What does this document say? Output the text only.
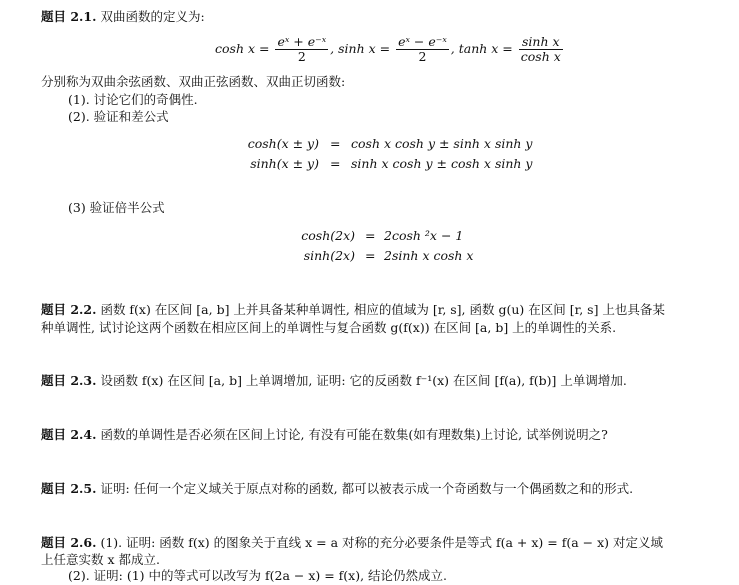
题目 2.1. 双曲函数的定义为:
$\cosh x = \frac{\text{eˣ + e⁻ˣ}}{2}$ , $\sinh x = \frac{\text{eˣ − e⁻ˣ}}{2}$ , $\tanh x = \frac{\text{sinh x}}{\text{cosh x}}$
分别称为双曲余弦函数、双曲正弦函数、双曲正切函数:
(1). 讨论它们的奇偶性.
(2). 验证和差公式
cosh(x ± y) = cosh x cosh y ± sinh x sinh y
sinh(x ± y) = sinh x cosh y ± cosh x sinh y
(3) 验证倍半公式
cosh(2x) = 2cosh ²x − 1
sinh(2x) = 2sinh x cosh x
题目 2.2. 函数 f(x) 在区间 [a, b] 上并具备某种单调性, 相应的值域为 [r, s], 函数 g(u) 在区间 [r, s] 上也具备某
种单调性, 试讨论这两个函数在相应区间上的单调性与复合函数 g(f(x)) 在区间 [a, b] 上的单调性的关系.
题目 2.3. 设函数 f(x) 在区间 [a, b] 上单调增加, 证明: 它的反函数 f⁻¹(x) 在区间 [f(a), f(b)] 上单调增加.
题目 2.4. 函数的单调性是否必须在区间上讨论, 有没有可能在数集(如有理数集)上讨论, 试举例说明之?
题目 2.5. 证明: 任何一个定义域关于原点对称的函数, 都可以被表示成一个奇函数与一个偶函数之和的形式.
题目 2.6. (1). 证明: 函数 f(x) 的图象关于直线 x = a 对称的充分必要条件是等式 f(a + x) = f(a − x) 对定义域
上任意实数 x 都成立.
(2). 证明: (1) 中的等式可以改写为 f(2a − x) = f(x), 结论仍然成立.
